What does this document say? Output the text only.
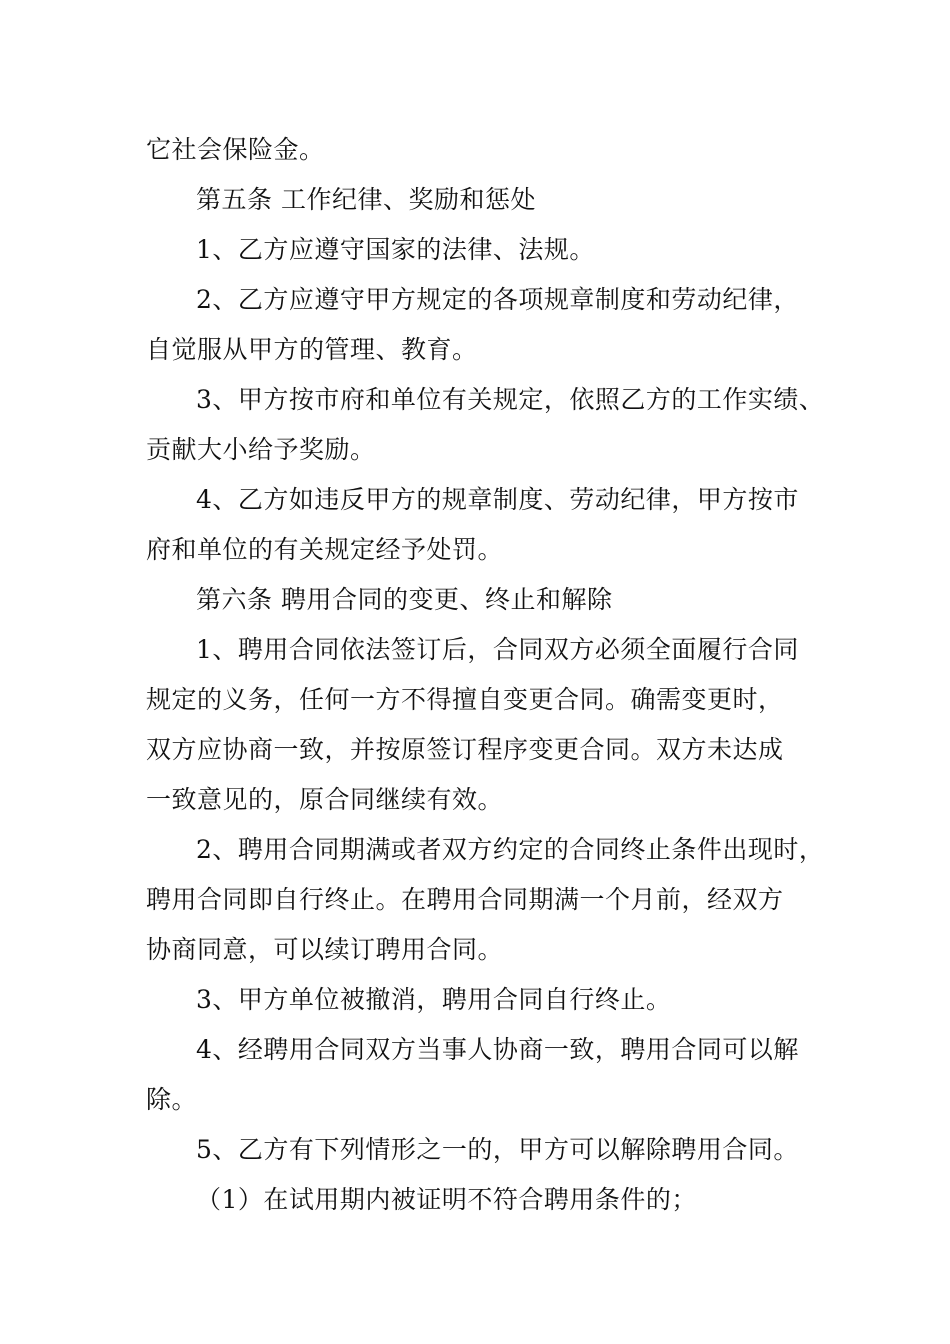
它社会保险金。
第五条 工作纪律、奖励和惩处
1、乙方应遵守国家的法律、法规。
2、乙方应遵守甲方规定的各项规章制度和劳动纪律，
自觉服从甲方的管理、教育。
3、甲方按市府和单位有关规定，依照乙方的工作实绩、
贡献大小给予奖励。
4、乙方如违反甲方的规章制度、劳动纪律，甲方按市
府和单位的有关规定经予处罚。
第六条 聘用合同的变更、终止和解除
1、聘用合同依法签订后，合同双方必须全面履行合同
规定的义务，任何一方不得擅自变更合同。确需变更时，
双方应协商一致，并按原签订程序变更合同。双方未达成
一致意见的，原合同继续有效。
2、聘用合同期满或者双方约定的合同终止条件出现时，
聘用合同即自行终止。在聘用合同期满一个月前，经双方
协商同意，可以续订聘用合同。
3、甲方单位被撤消，聘用合同自行终止。
4、经聘用合同双方当事人协商一致，聘用合同可以解
除。
5、乙方有下列情形之一的，甲方可以解除聘用合同。
（1）在试用期内被证明不符合聘用条件的；
